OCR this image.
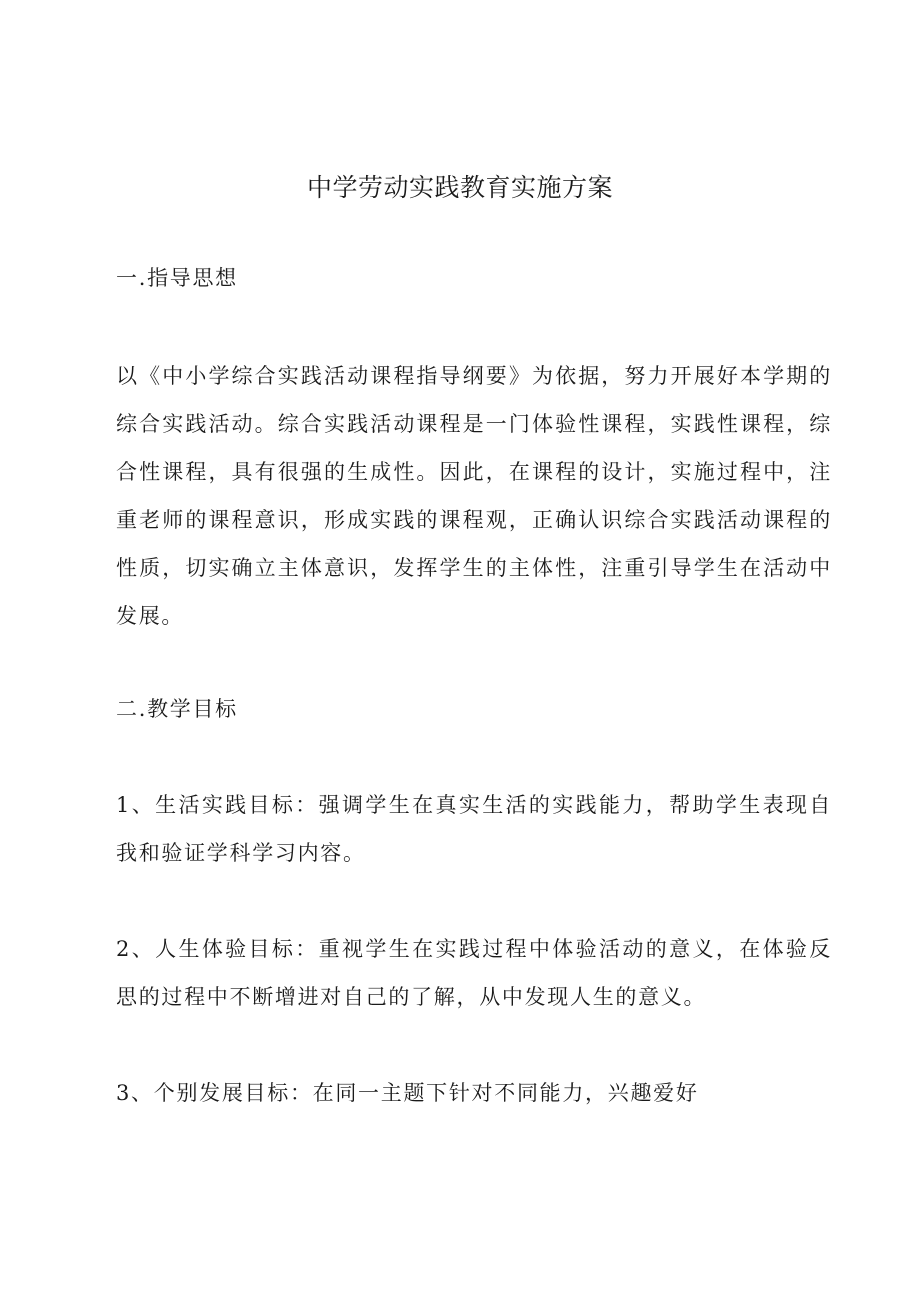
中学劳动实践教育实施方案
一.指导思想

以《中小学综合实践活动课程指导纲要》为依据，努力开展好本学期的综合实践活动。综合实践活动课程是一门体验性课程，实践性课程，综合性课程，具有很强的生成性。因此，在课程的设计，实施过程中，注重老师的课程意识，形成实践的课程观，正确认识综合实践活动课程的性质，切实确立主体意识，发挥学生的主体性，注重引导学生在活动中发展。

二.教学目标

1、生活实践目标：强调学生在真实生活的实践能力，帮助学生表现自我和验证学科学习内容。

2、人生体验目标：重视学生在实践过程中体验活动的意义，在体验反思的过程中不断增进对自己的了解，从中发现人生的意义。

3、个别发展目标：在同一主题下针对不同能力，兴趣爱好
